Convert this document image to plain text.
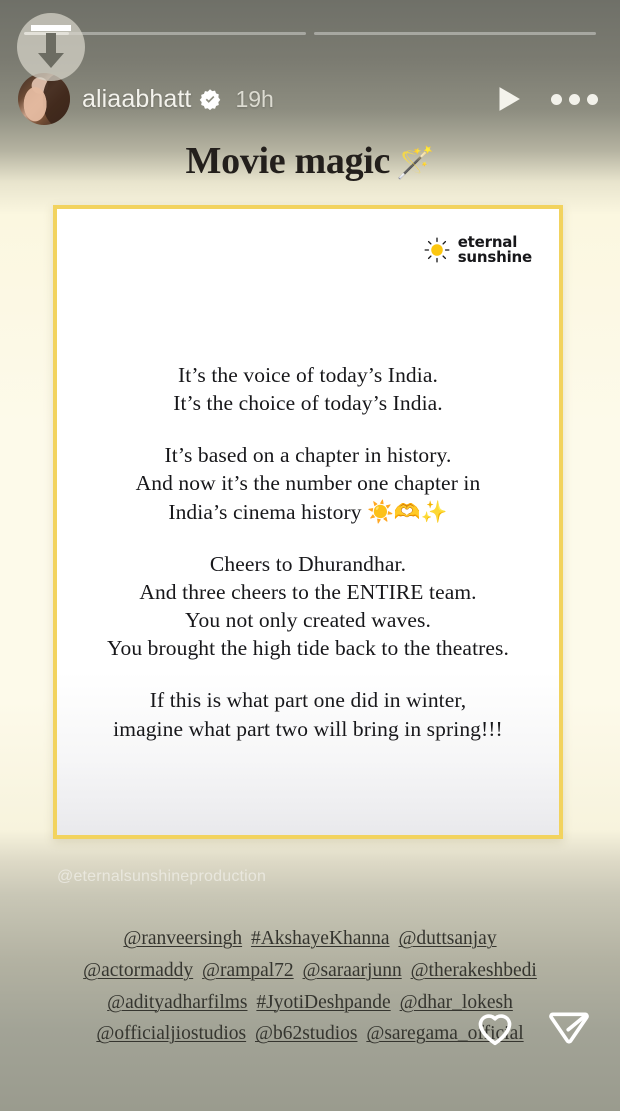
aliaabhatt 19h
Movie magic 🪄
eternal
sunshine

It’s the voice of today’s India.
It’s the choice of today’s India.

It’s based on a chapter in history.
And now it’s the number one chapter in
India’s cinema history ☀️🫶✨

Cheers to Dhurandhar.
And three cheers to the ENTIRE team.
You not only created waves.
You brought the high tide back to the theatres.

If this is what part one did in winter,
imagine what part two will bring in spring!!!

@eternalsunshineproduction
@ranveersingh #AkshayeKhanna @duttsanjay
@actormaddy @rampal72 @saraarjunn @therakeshbedi
@adityadharfilms #JyotiDeshpande @dhar_lokesh
@officialjiostudios @b62studios @saregama_official
